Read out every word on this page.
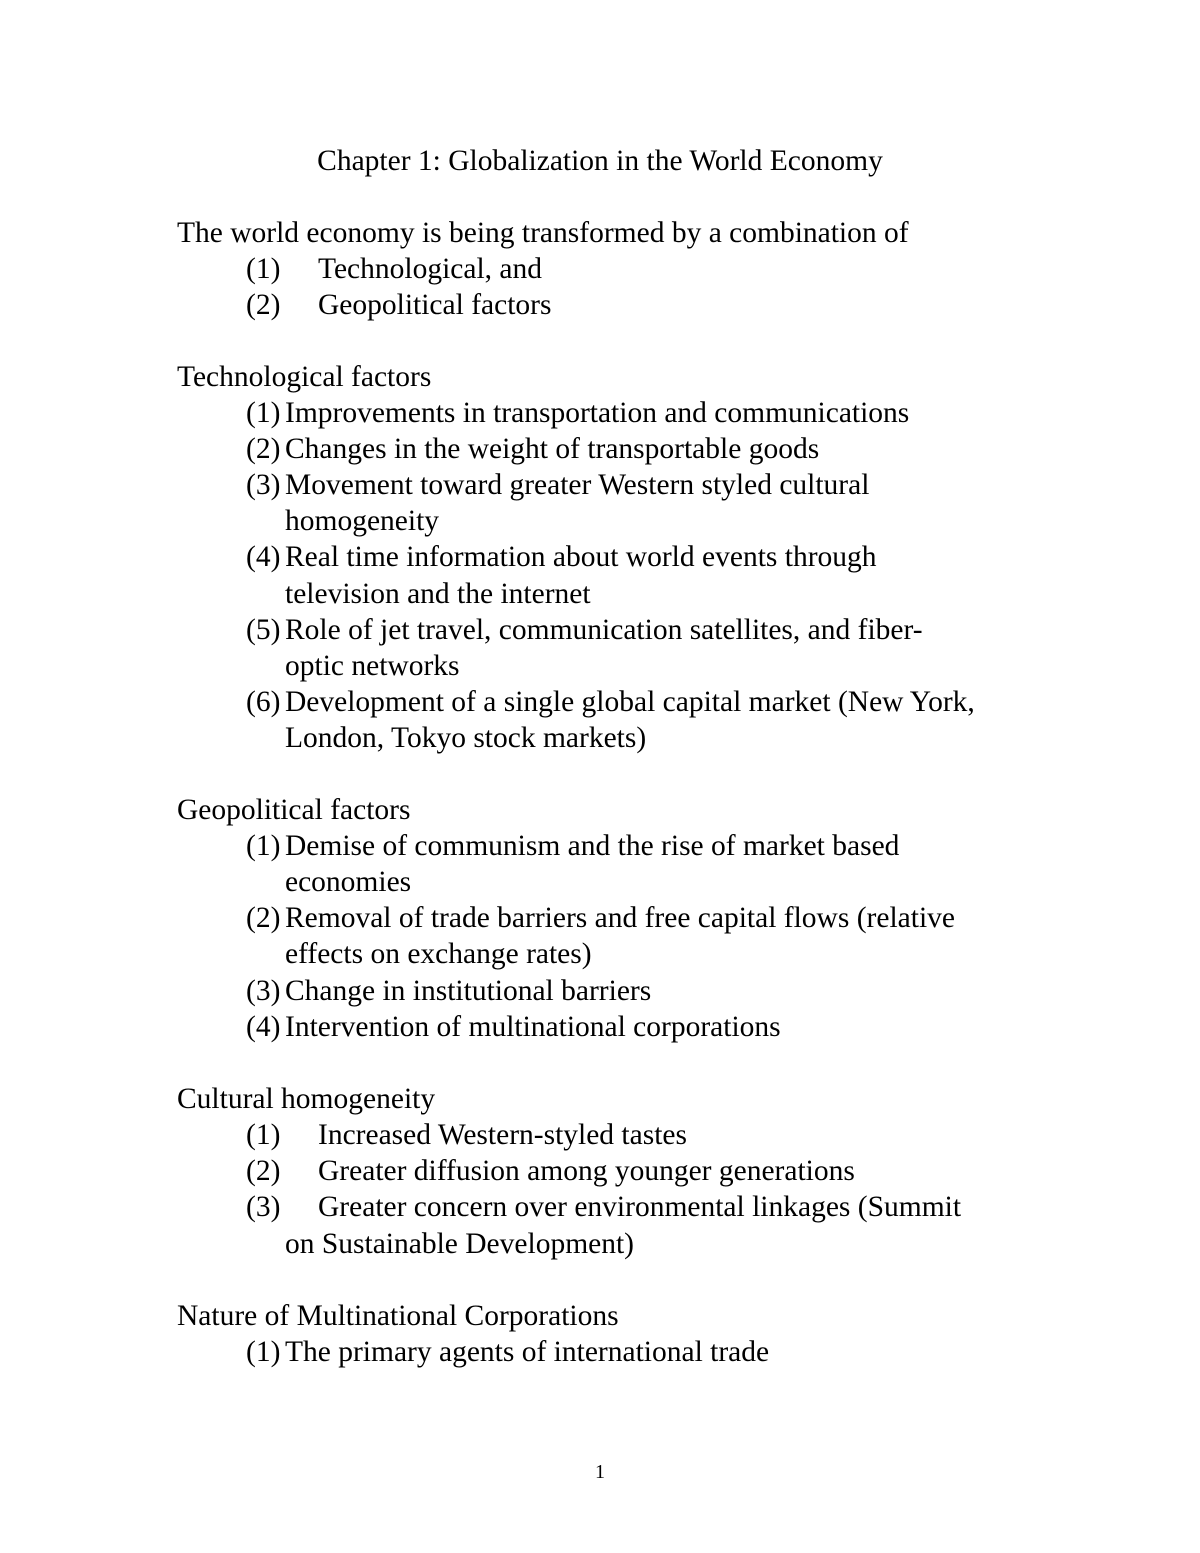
Chapter 1: Globalization in the World Economy
The world economy is being transformed by a combination of
(1) Technological, and
(2) Geopolitical factors
Technological factors
(1) Improvements in transportation and communications
(2) Changes in the weight of transportable goods
(3) Movement toward greater Western styled cultural
homogeneity
(4) Real time information about world events through
television and the internet
(5) Role of jet travel, communication satellites, and fiber-
optic networks
(6) Development of a single global capital market (New York,
London, Tokyo stock markets)
Geopolitical factors
(1) Demise of communism and the rise of market based
economies
(2) Removal of trade barriers and free capital flows (relative
effects on exchange rates)
(3) Change in institutional barriers
(4) Intervention of multinational corporations
Cultural homogeneity
(1) Increased Western-styled tastes
(2) Greater diffusion among younger generations
(3) Greater concern over environmental linkages (Summit
on Sustainable Development)
Nature of Multinational Corporations
(1) The primary agents of international trade
1
